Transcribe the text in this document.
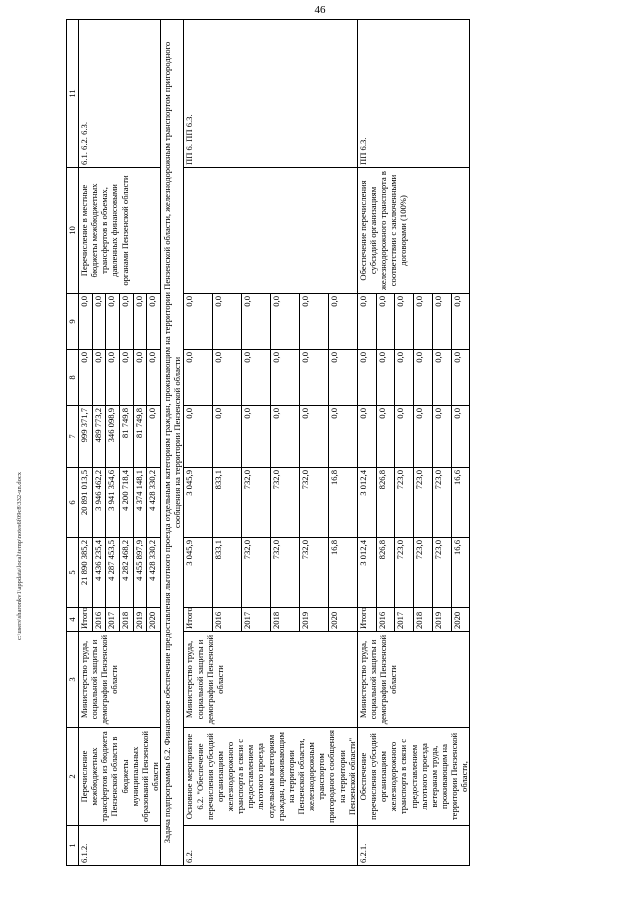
46
c:\users\sharonkv1\appdata\local\temp\notes6f09c8\332-un.docx
1	2	3	4	5	6	7	8	9	10	11
6.1.2.	Перечисление межбюджетных трансфертов из бюджета Пензенской области в бюджеты муниципальных образований Пензенской области	Министерство труда, социальной защиты и демографии Пензенской области	Итого	21 890 385,2	20 891 013,5	999 371,7	0,0	0,0	Перечисление в местные бюджеты межбюджетных трансфертов в объемах, давленных финансовыми органами Пензенской области	6.1. 6.2. 6.3.
			2016	4 436 235,4	3 946 462,2	489 773,2	0,0	0,0		
			2017	4 287 453,5	3 941 354,6	346 098,9	0,0	0,0		
			2018	4 282 468,2	4 200 718,4	81 749,8	0,0	0,0		
			2019	4 455 897,9	4 374 148,1	81 749,8	0,0	0,0		
			2020	4 428 330,2	4 428 330,2	0,0	0,0	0,0		
Задача подпрограммы 6.2. Финансовое обеспечение предоставления льготного проезда отдельным категориям граждан, проживающим на территории Пензенской области, железнодорожным транспортом пригородного сообщения на территории Пензенской области										
6.2.	Основное мероприятие 6.2. "Обеспечение перечисления субсидий организациям железнодорожного транспорта в связи с предоставлением льготного проезда отдельным категориям граждан, проживающим на территории Пензенской области, железнодорожным транспортом пригородного сообщения на территории Пензенской области"	Министерство труда, социальной защиты и демографии Пензенской области	Итого	3 045,9	3 045,9	0,0	0,0	0,0		ПП 6. ПП 6.3.
			2016	833,1	833,1	0,0	0,0	0,0		
			2017	732,0	732,0	0,0	0,0	0,0		
			2018	732,0	732,0	0,0	0,0	0,0		
			2019	732,0	732,0	0,0	0,0	0,0		
			2020	16,8	16,8	0,0	0,0	0,0		
6.2.1.	Обеспечение перечисления субсидий организациям железнодорожного транспорта в связи с предоставлением льготного проезда ветеранам труда, проживающим на территории Пензенской области,	Министерство труда, социальной защиты и демографии Пензенской области	Итого	3 012,4	3 012,4	0,0	0,0	0,0	Обеспечение перечисления субсидий организациям железнодорожного транспорта в соответствии с заключенными договорами (100%)	ПП 6.3.
			2016	826,8	826,8	0,0	0,0	0,0		
			2017	723,0	723,0	0,0	0,0	0,0		
			2018	723,0	723,0	0,0	0,0	0,0		
			2019	723,0	723,0	0,0	0,0	0,0		
			2020	16,6	16,6	0,0	0,0	0,0		
